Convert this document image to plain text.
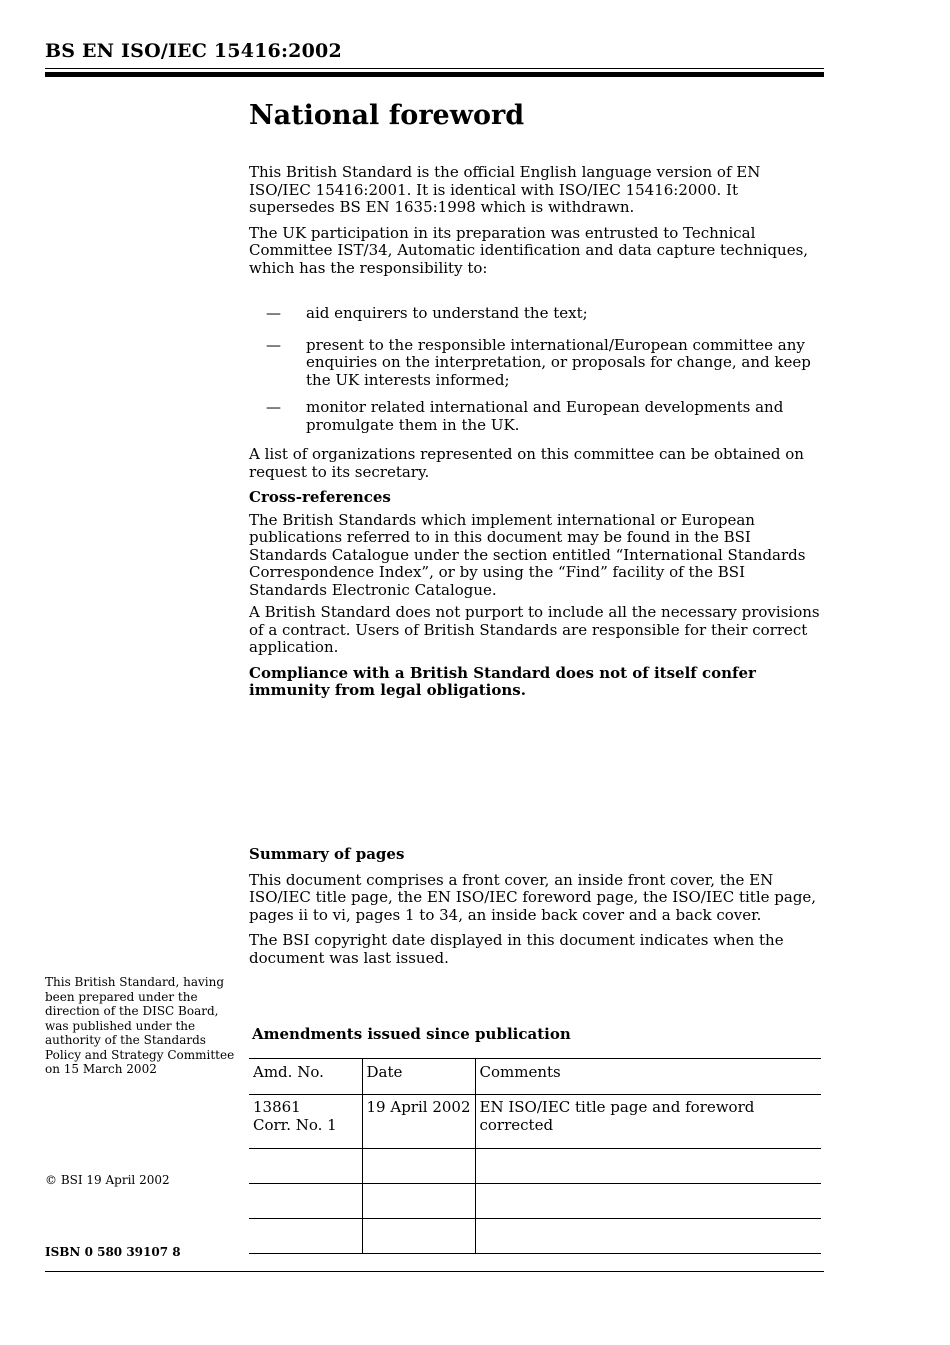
BS EN ISO/IEC 15416:2002
National foreword

This British Standard is the official English language version of EN ISO/IEC 15416:2001. It is identical with ISO/IEC 15416:2000. It supersedes BS EN 1635:1998 which is withdrawn.

The UK participation in its preparation was entrusted to Technical Committee IST/34, Automatic identification and data capture techniques, which has the responsibility to:

— aid enquirers to understand the text;
— present to the responsible international/European committee any enquiries on the interpretation, or proposals for change, and keep the UK interests informed;
— monitor related international and European developments and promulgate them in the UK.

A list of organizations represented on this committee can be obtained on request to its secretary.

Cross-references

The British Standards which implement international or European publications referred to in this document may be found in the BSI Standards Catalogue under the section entitled “International Standards Correspondence Index”, or by using the “Find” facility of the BSI Standards Electronic Catalogue.

A British Standard does not purport to include all the necessary provisions of a contract. Users of British Standards are responsible for their correct application.

Compliance with a British Standard does not of itself confer immunity from legal obligations.

Summary of pages

This document comprises a front cover, an inside front cover, the EN ISO/IEC title page, the EN ISO/IEC foreword page, the ISO/IEC title page, pages ii to vi, pages 1 to 34, an inside back cover and a back cover.

The BSI copyright date displayed in this document indicates when the document was last issued.

This British Standard, having been prepared under the direction of the DISC Board, was published under the authority of the Standards Policy and Strategy Committee on 15 March 2002
© BSI 19 April 2002
ISBN 0 580 39107 8
Amendments issued since publication
Amd. No.	Date	Comments

13861
Corr. No. 1	19 April 2002	EN ISO/IEC title page and foreword corrected
